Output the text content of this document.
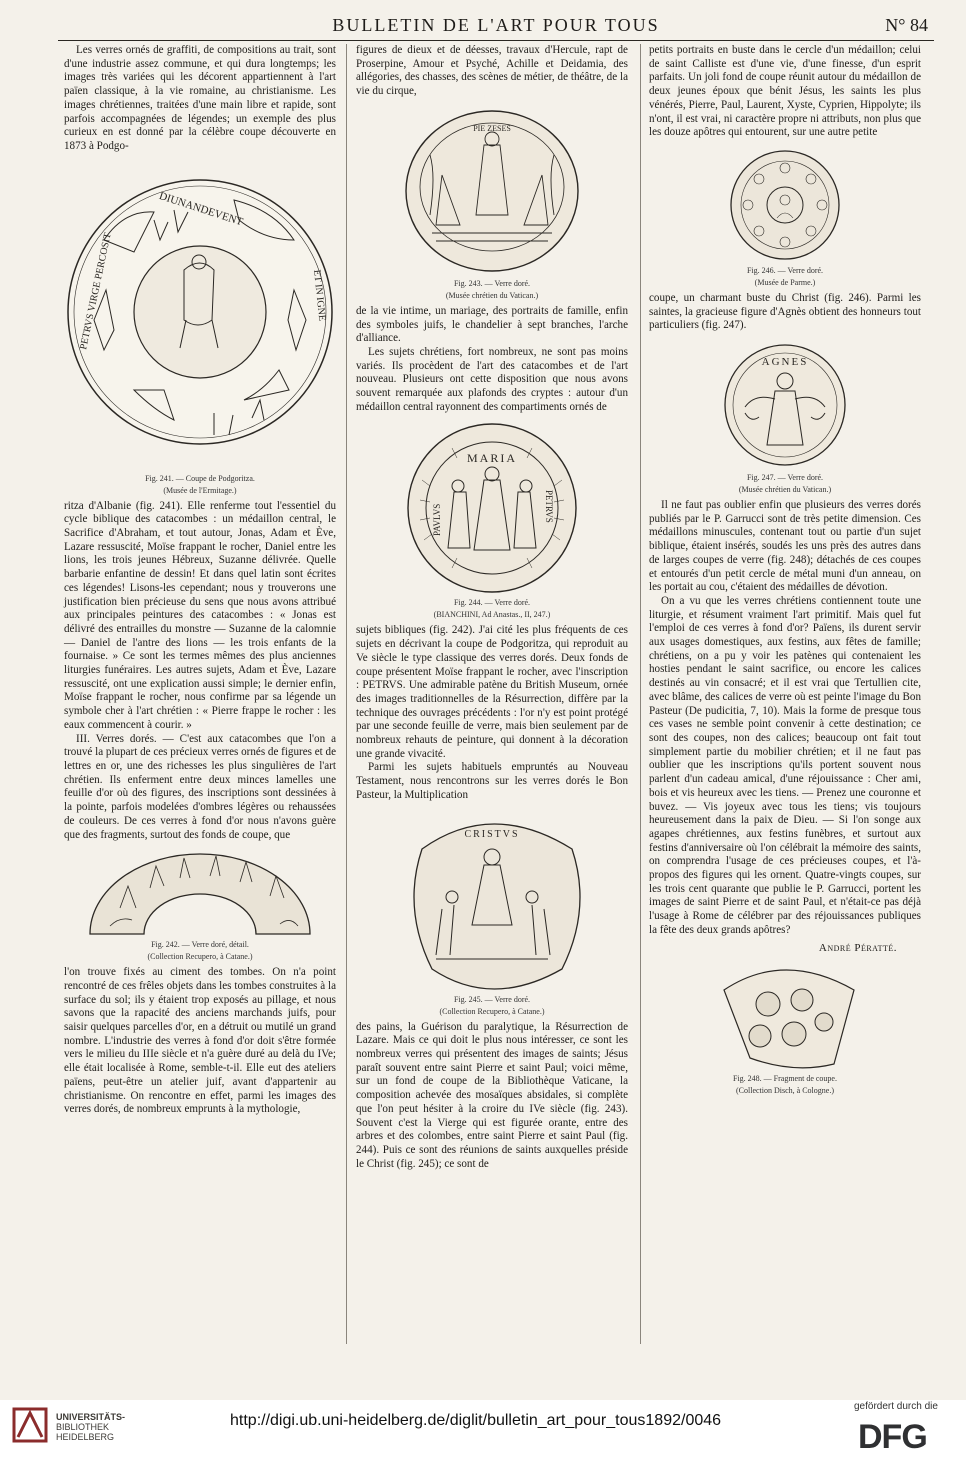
BULLETIN DE L'ART POUR TOUS	N° 84

Les verres ornés de graffiti, de compositions au trait, sont d'une industrie assez commune, et qui dura longtemps; les images très variées qui les décorent appartiennent à l'art païen classique, à la vie romaine, au christianisme. Les images chrétiennes, traitées d'une main libre et rapide, sont parfois accompagnées de légendes; un exemple des plus curieux en est donné par la célèbre coupe découverte en 1873 à Podgo-

DIUNANDEVENT
PETRVS VIRGE PERCOSIT	ET IN IGNE
Fig. 241. — Coupe de Podgoritza.
(Musée de l'Ermitage.)

ritza d'Albanie (fig. 241). Elle renferme tout l'essentiel du cycle biblique des catacombes : un médaillon central, le Sacrifice d'Abraham, et tout autour, Jonas, Adam et Ève, Lazare ressuscité, Moïse frappant le rocher, Daniel entre les lions, les trois jeunes Hébreux, Suzanne délivrée. Quelle barbarie enfantine de dessin! Et dans quel latin sont écrites ces légendes! Lisons-les cependant; nous y trouverons une justification bien précieuse du sens que nous avons attribué aux principales peintures des catacombes : « Jonas est délivré des entrailles du monstre — Suzanne de la calomnie — Daniel de l'antre des lions — les trois enfants de la fournaise. » Ce sont les termes mêmes des plus anciennes liturgies funéraires. Les autres sujets, Adam et Ève, Lazare ressuscité, ont une explication aussi simple; le dernier enfin, Moïse frappant le rocher, nous confirme par sa légende un symbole cher à l'art chrétien : « Pierre frappe le rocher : les eaux commencent à courir. »

III. Verres dorés. — C'est aux catacombes que l'on a trouvé la plupart de ces précieux verres ornés de figures et de lettres en or, une des richesses les plus singulières de l'art chrétien. Ils enferment entre deux minces lamelles une feuille d'or où des figures, des inscriptions sont dessinées à la pointe, parfois modelées d'ombres légères ou rehaussées de couleurs. De ces verres à fond d'or nous n'avons guère que des fragments, surtout des fonds de coupe, que

Fig. 242. — Verre doré, détail.
(Collection Recupero, à Catane.)

l'on trouve fixés au ciment des tombes. On n'a point rencontré de ces frêles objets dans les tombes construites à la surface du sol; ils y étaient trop exposés au pillage, et nous savons que la rapacité des anciens marchands juifs, pour saisir quelques parcelles d'or, en a détruit ou mutilé un grand nombre. L'industrie des verres à fond d'or doit s'être formée vers le milieu du IIIe siècle et n'a guère duré au delà du IVe; elle était localisée à Rome, semble-t-il. Elle eut des ateliers païens, peut-être un atelier juif, avant d'appartenir au christianisme. On rencontre en effet, parmi les images des verres dorés, de nombreux emprunts à la mythologie,

figures de dieux et de déesses, travaux d'Hercule, rapt de Proserpine, Amour et Psyché, Achille et Deidamia, des allégories, des chasses, des scènes de métier, de théâtre, de la vie du cirque,

PIE ZESES
Fig. 243. — Verre doré.
(Musée chrétien du Vatican.)

de la vie intime, un mariage, des portraits de famille, enfin des symboles juifs, le chandelier à sept branches, l'arche d'alliance.

Les sujets chrétiens, fort nombreux, ne sont pas moins variés. Ils procèdent de l'art des catacombes et de l'art nouveau. Plusieurs ont cette disposition que nous avons souvent remarquée aux plafonds des cryptes : autour d'un médaillon central rayonnent des compartiments ornés de

MARIA
PAVLVS	PETRVS
Fig. 244. — Verre doré.
(BIANCHINI, Ad Anastas., II, 247.)

sujets bibliques (fig. 242). J'ai cité les plus fréquents de ces sujets en décrivant la coupe de Podgoritza, qui reproduit au Ve siècle le type classique des verres dorés. Deux fonds de coupe présentent Moïse frappant le rocher, avec l'inscription : PETRVS. Une admirable patène du British Museum, ornée des images traditionnelles de la Résurrection, diffère par la technique des ouvrages précédents : l'or n'y est point protégé par une seconde feuille de verre, mais bien seulement par de nombreux rehauts de peinture, qui donnent à la décoration une grande vivacité.

Parmi les sujets habituels empruntés au Nouveau Testament, nous rencontrons sur les verres dorés le Bon Pasteur, la Multiplication

CRISTVS
Fig. 245. — Verre doré.
(Collection Recupero, à Catane.)

des pains, la Guérison du paralytique, la Résurrection de Lazare. Mais ce qui doit le plus nous intéresser, ce sont les nombreux verres qui présentent des images de saints; Jésus paraît souvent entre saint Pierre et saint Paul; voici même, sur un fond de coupe de la Bibliothèque Vaticane, la composition achevée des mosaïques absidales, si complète que l'on peut hésiter à la croire du IVe siècle (fig. 243). Souvent c'est la Vierge qui est figurée orante, entre des arbres et des colombes, entre saint Pierre et saint Paul (fig. 244). Puis ce sont des réunions de saints auxquelles préside le Christ (fig. 245); ce sont de

petits portraits en buste dans le cercle d'un médaillon; celui de saint Calliste est d'une vie, d'une finesse, d'un esprit parfaits. Un joli fond de coupe réunit autour du médaillon de deux jeunes époux que bénit Jésus, les saints les plus vénérés, Pierre, Paul, Laurent, Xyste, Cyprien, Hippolyte; ils n'ont, il est vrai, ni caractère propre ni attributs, non plus que les douze apôtres qui entourent, sur une autre petite

Fig. 246. — Verre doré.
(Musée de Parme.)

coupe, un charmant buste du Christ (fig. 246). Parmi les saintes, la gracieuse figure d'Agnès obtient des honneurs tout particuliers (fig. 247).

AGNES
Fig. 247. — Verre doré.
(Musée chrétien du Vatican.)

Il ne faut pas oublier enfin que plusieurs des verres dorés publiés par le P. Garrucci sont de très petite dimension. Ces médaillons minuscules, contenant tout ou partie d'un sujet biblique, étaient insérés, soudés les uns près des autres dans de larges coupes de verre (fig. 248); détachés de ces coupes et entourés d'un petit cercle de métal muni d'un anneau, on les portait au cou, c'étaient des médailles de dévotion.

On a vu que les verres chrétiens contiennent toute une liturgie, et résument vraiment l'art primitif. Mais quel fut l'emploi de ces verres à fond d'or? Païens, ils durent servir aux usages domestiques, aux festins, aux fêtes de famille; chrétiens, on a pu y voir les patènes qui contenaient les hosties pendant le saint sacrifice, ou encore les calices destinés au vin consacré; et il est vrai que Tertullien cite, avec blâme, des calices de verre où est peinte l'image du Bon Pasteur (De pudicitia, 7, 10). Mais la forme de presque tous ces vases ne semble point convenir à cette destination; ce sont des coupes, non des calices; beaucoup ont fait tout simplement partie du mobilier chrétien; et il ne faut pas oublier que les inscriptions qu'ils portent souvent nous parlent d'un cadeau amical, d'une réjouissance : Cher ami, bois et vis heureux avec les tiens. — Prenez une couronne et buvez. — Vis joyeux avec tous les tiens; vis toujours heureusement dans la paix de Dieu. — Si l'on songe aux agapes chrétiennes, aux festins funèbres, et surtout aux festins d'anniversaire où l'on célébrait la mémoire des saints, on comprendra l'usage de ces précieuses coupes, et l'à-propos des figures qui les ornent. Quatre-vingts coupes, sur les trois cent quarante que publie le P. Garrucci, portent les images de saint Pierre et de saint Paul, et n'était-ce pas déjà l'usage à Rome de célébrer par des réjouissances publiques la fête des deux grands apôtres?

André Pératté.
Fig. 248. — Fragment de coupe.
(Collection Disch, à Cologne.)
UNIVERSITÄTS-
BIBLIOTHEK
HEIDELBERG
http://digi.ub.uni-heidelberg.de/diglit/bulletin_art_pour_tous1892/0046
gefördert durch die
DFG
